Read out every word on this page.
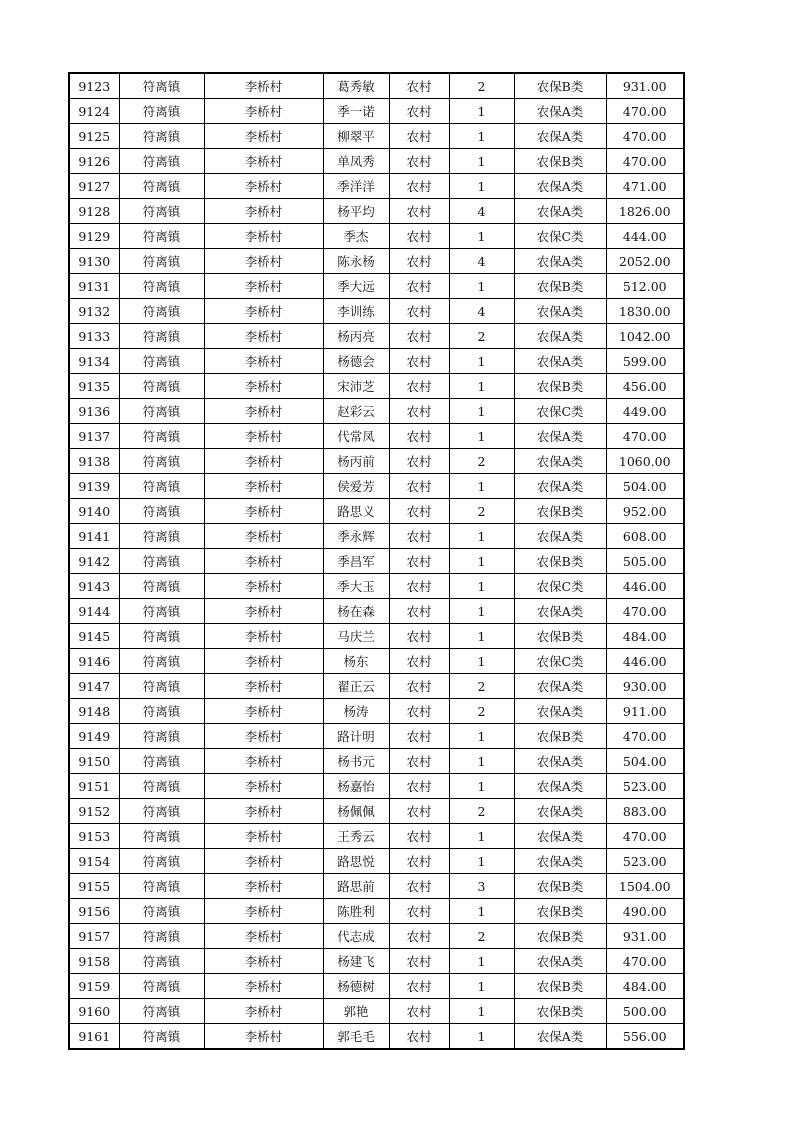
9123	符离镇	李桥村	葛秀敏	农村	2	农保B类	931.00
9124	符离镇	李桥村	季一诺	农村	1	农保A类	470.00
9125	符离镇	李桥村	柳翠平	农村	1	农保A类	470.00
9126	符离镇	李桥村	单凤秀	农村	1	农保B类	470.00
9127	符离镇	李桥村	季洋洋	农村	1	农保A类	471.00
9128	符离镇	李桥村	杨平均	农村	4	农保A类	1826.00
9129	符离镇	李桥村	季杰	农村	1	农保C类	444.00
9130	符离镇	李桥村	陈永杨	农村	4	农保A类	2052.00
9131	符离镇	李桥村	季大远	农村	1	农保B类	512.00
9132	符离镇	李桥村	李训练	农村	4	农保A类	1830.00
9133	符离镇	李桥村	杨丙亮	农村	2	农保A类	1042.00
9134	符离镇	李桥村	杨德会	农村	1	农保A类	599.00
9135	符离镇	李桥村	宋沛芝	农村	1	农保B类	456.00
9136	符离镇	李桥村	赵彩云	农村	1	农保C类	449.00
9137	符离镇	李桥村	代常凤	农村	1	农保A类	470.00
9138	符离镇	李桥村	杨丙前	农村	2	农保A类	1060.00
9139	符离镇	李桥村	侯爱芳	农村	1	农保A类	504.00
9140	符离镇	李桥村	路思义	农村	2	农保B类	952.00
9141	符离镇	李桥村	季永辉	农村	1	农保A类	608.00
9142	符离镇	李桥村	季昌军	农村	1	农保B类	505.00
9143	符离镇	李桥村	季大玉	农村	1	农保C类	446.00
9144	符离镇	李桥村	杨在森	农村	1	农保A类	470.00
9145	符离镇	李桥村	马庆兰	农村	1	农保B类	484.00
9146	符离镇	李桥村	杨东	农村	1	农保C类	446.00
9147	符离镇	李桥村	翟正云	农村	2	农保A类	930.00
9148	符离镇	李桥村	杨涛	农村	2	农保A类	911.00
9149	符离镇	李桥村	路计明	农村	1	农保B类	470.00
9150	符离镇	李桥村	杨书元	农村	1	农保A类	504.00
9151	符离镇	李桥村	杨嘉怡	农村	1	农保A类	523.00
9152	符离镇	李桥村	杨佩佩	农村	2	农保A类	883.00
9153	符离镇	李桥村	王秀云	农村	1	农保A类	470.00
9154	符离镇	李桥村	路思悦	农村	1	农保A类	523.00
9155	符离镇	李桥村	路思前	农村	3	农保B类	1504.00
9156	符离镇	李桥村	陈胜利	农村	1	农保B类	490.00
9157	符离镇	李桥村	代志成	农村	2	农保B类	931.00
9158	符离镇	李桥村	杨建飞	农村	1	农保A类	470.00
9159	符离镇	李桥村	杨德树	农村	1	农保B类	484.00
9160	符离镇	李桥村	郭艳	农村	1	农保B类	500.00
9161	符离镇	李桥村	郭毛毛	农村	1	农保A类	556.00
